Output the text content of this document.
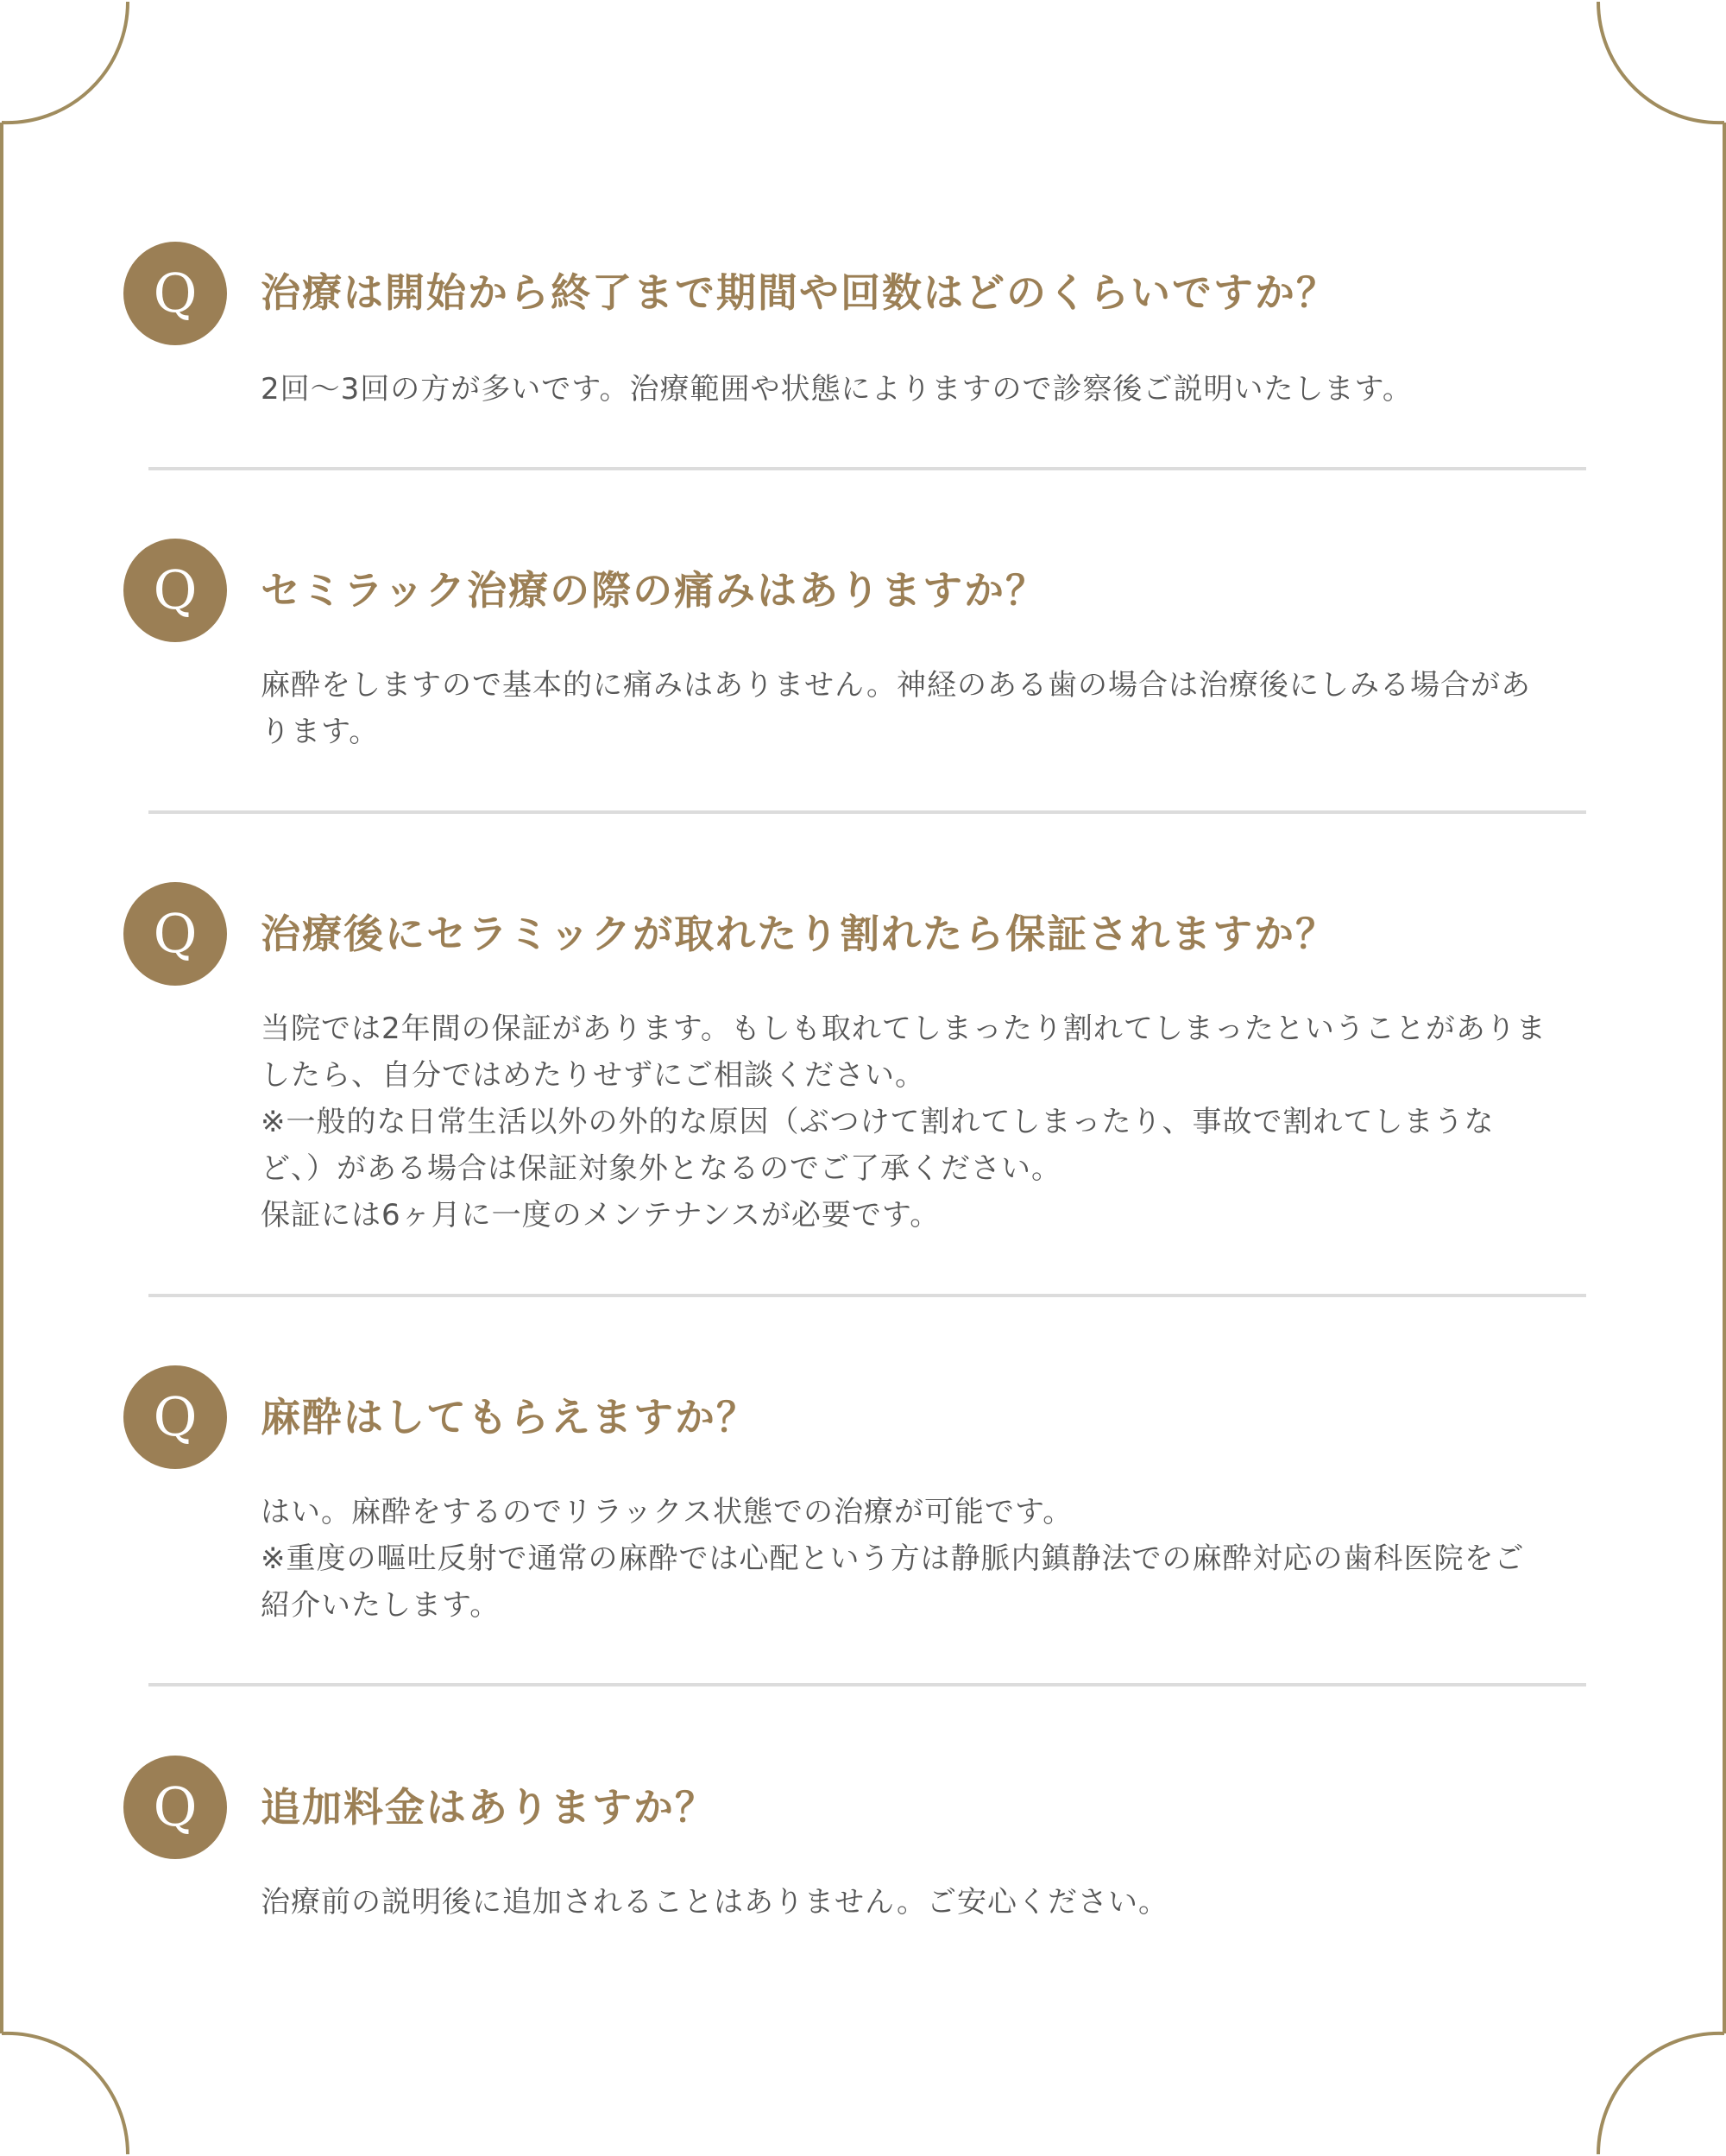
Q	治療は開始から終了まで期間や回数はどのくらいですか？
2回〜3回の方が多いです。治療範囲や状態によりますので診察後ご説明いたします。
Q	セミラック治療の際の痛みはありますか？
麻酔をしますので基本的に痛みはありません。神経のある歯の場合は治療後にしみる場合があ
ります。
Q	治療後にセラミックが取れたり割れたら保証されますか？
当院では2年間の保証があります。もしも取れてしまったり割れてしまったということがありま
したら、自分ではめたりせずにご相談ください。
※一般的な日常生活以外の外的な原因（ぶつけて割れてしまったり、事故で割れてしまうな
ど、）がある場合は保証対象外となるのでご了承ください。
保証には6ヶ月に一度のメンテナンスが必要です。
Q	麻酔はしてもらえますか？
はい。麻酔をするのでリラックス状態での治療が可能です。
※重度の嘔吐反射で通常の麻酔では心配という方は静脈内鎮静法での麻酔対応の歯科医院をご
紹介いたします。
Q	追加料金はありますか？
治療前の説明後に追加されることはありません。ご安心ください。
